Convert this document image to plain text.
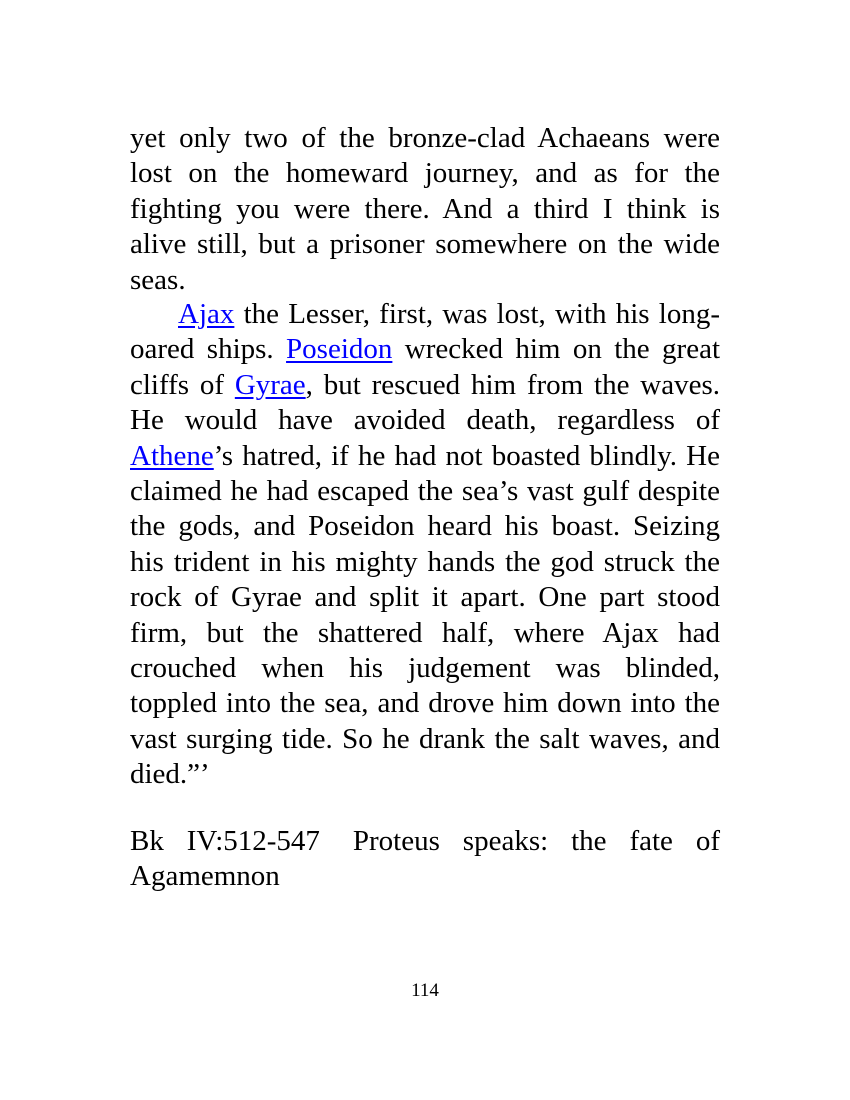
yet only two of the bronze-clad Achaeans were lost on the homeward journey, and as for the fighting you were there. And a third I think is alive still, but a prisoner somewhere on the wide seas.
Ajax the Lesser, first, was lost, with his long-oared ships. Poseidon wrecked him on the great cliffs of Gyrae, but rescued him from the waves. He would have avoided death, regardless of Athene’s hatred, if he had not boasted blindly. He claimed he had escaped the sea’s vast gulf despite the gods, and Poseidon heard his boast. Seizing his trident in his mighty hands the god struck the rock of Gyrae and split it apart. One part stood firm, but the shattered half, where Ajax had crouched when his judgement was blinded, toppled into the sea, and drove him down into the vast surging tide. So he drank the salt waves, and died.”’
Bk IV:512-547 Proteus speaks: the fate of Agamemnon
114
